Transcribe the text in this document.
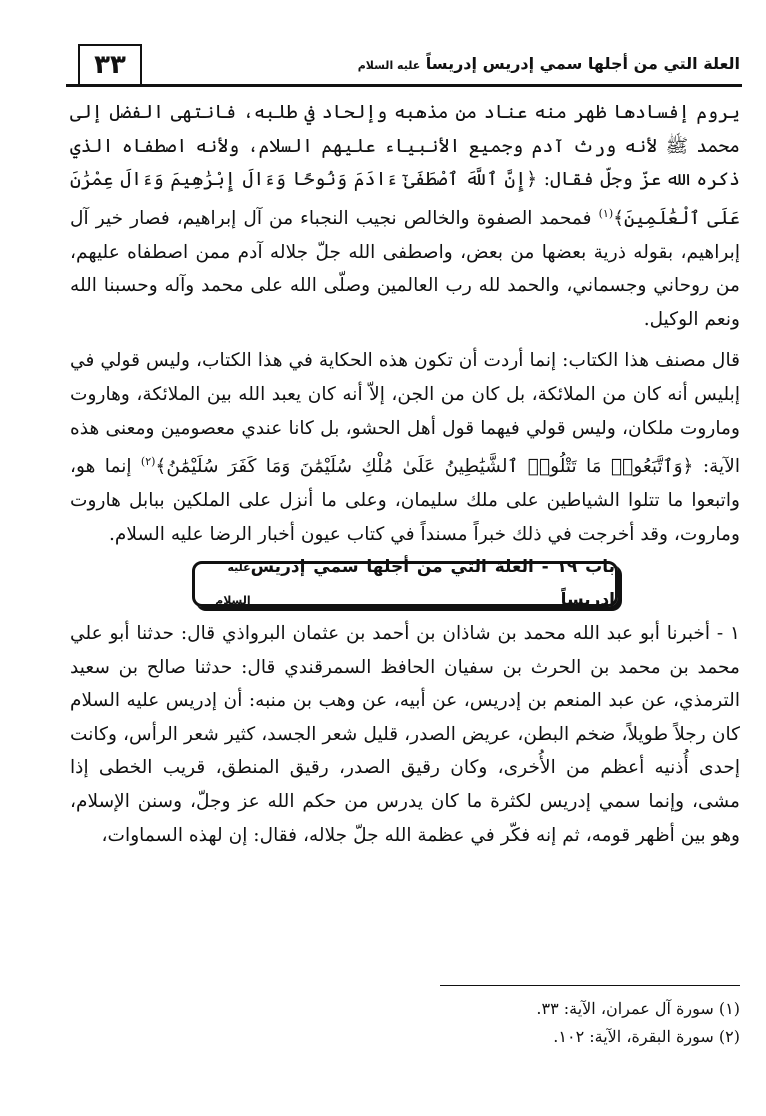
٣٣	العلة التي من أجلها سمي إدريس إدريساً عليه السلام

يروم إفسادها ظهر منه عناد من مذهبه وإلحاد في طلبه، فانتهى الفضل إلى محمد ﷺ لأنه ورث آدم وجميع الأنبياء عليهم السلام، ولأنه اصطفاه الذي ذكره الله عزّ وجلّ فقال: ﴿إِنَّ ٱللَّهَ ٱصْطَفَىٰٓ ءَادَمَ وَنُوحًا وَءَالَ إِبْرَٰهِيمَ وَءَالَ عِمْرَٰنَ عَلَى ٱلْعَٰلَمِينَ﴾$^{(١)}$ فمحمد الصفوة والخالص نجيب النجباء من آل إبراهيم، فصار خير آل إبراهيم، بقوله ذرية بعضها من بعض، واصطفى الله جلّ جلاله آدم ممن اصطفاه عليهم، من روحاني وجسماني، والحمد لله رب العالمين وصلّى الله على محمد وآله وحسبنا الله ونعم الوكيل.

قال مصنف هذا الكتاب: إنما أردت أن تكون هذه الحكاية في هذا الكتاب، وليس قولي في إبليس أنه كان من الملائكة، بل كان من الجن، إلاّ أنه كان يعبد الله بين الملائكة، وهاروت وماروت ملكان، وليس قولي فيهما قول أهل الحشو، بل كانا عندي معصومين ومعنى هذه الآية: ﴿وَٱتَّبَعُوا۟ مَا تَتْلُوا۟ ٱلشَّيَٰطِينُ عَلَىٰ مُلْكِ سُلَيْمَٰنَ وَمَا كَفَرَ سُلَيْمَٰنُ﴾$^{(٢)}$ إنما هو، واتبعوا ما تتلوا الشياطين على ملك سليمان، وعلى ما أنزل على الملكين ببابل هاروت وماروت، وقد أخرجت في ذلك خبراً مسنداً في كتاب عيون أخبار الرضا عليه السلام.

باب ١٩ - العلة التي من أجلها سمي إدريس إدريساً
عليه السلام

١ - أخبرنا أبو عبد الله محمد بن شاذان بن أحمد بن عثمان البرواذي قال: حدثنا أبو علي محمد بن محمد بن الحرث بن سفيان الحافظ السمرقندي قال: حدثنا صالح بن سعيد الترمذي، عن عبد المنعم بن إدريس، عن أبيه، عن وهب بن منبه: أن إدريس عليه السلام كان رجلاً طويلاً، ضخم البطن، عريض الصدر، قليل شعر الجسد، كثير شعر الرأس، وكانت إحدى أُذنيه أعظم من الأُخرى، وكان رقيق الصدر، رقيق المنطق، قريب الخطى إذا مشى، وإنما سمي إدريس لكثرة ما كان يدرس من حكم الله عز وجلّ، وسنن الإسلام، وهو بين أظهر قومه، ثم إنه فكّر في عظمة الله جلّ جلاله، فقال: إن لهذه السماوات،

(١) سورة آل عمران، الآية: ٣٣.
(٢) سورة البقرة، الآية: ١٠٢.
